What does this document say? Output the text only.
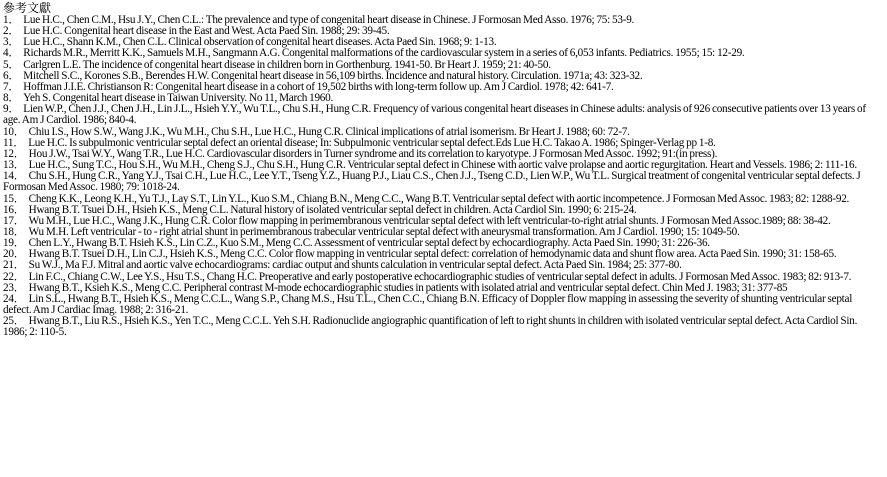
參考文獻
1． Lue H.C., Chen C.M., Hsu J.Y., Chen C.L.: The prevalence and type of congenital heart disease in Chinese. J Formosan Med Asso. 1976; 75: 53-9.
2． Lue H.C. Congenital heart disease in the East and West. Acta Paed Sin. 1988; 29: 39-45.
3． Lue H.C., Shann K.M., Chen C.L. Clinical observation of congenital heart diseases. Acta Paed Sin. 1968; 9: 1-13.
4． Richards M.R., Merritt K.K., Samuels M.H., Sangmann A.G. Congenital malformations of the cardiovascular system in a series of 6,053 infants. Pediatrics. 1955; 15: 12-29.
5． Carlgren L.E. The incidence of congenital heart disease in children born in Gorthenburg. 1941-50. Br Heart J. 1959; 21: 40-50.
6． Mitchell S.C., Korones S.B., Berendes H.W. Congenital heart disease in 56,109 births. Incidence and natural history. Circulation. 1971a; 43: 323-32.
7． Hoffman J.I.E. Christianson R: Congenital heart disease in a cohort of 19,502 births with long-term follow up. Am J Cardiol. 1978; 42: 641-7.
8． Yeh S. Congenital heart disease in Taiwan University. No 11, March 1960.
9． Lien W.P., Chen J.J., Chen J.H., Lin J.L., Hsieh Y.Y., Wu T.L., Chu S.H., Hung C.R. Frequency of various congenital heart diseases in Chinese adults: analysis of 926 consecutive patients over 13 years of age. Am J Cardiol. 1986; 840-4.
10． Chiu I.S., How S.W., Wang J.K., Wu M.H., Chu S.H., Lue H.C., Hung C.R. Clinical implications of atrial isomerism. Br Heart J. 1988; 60: 72-7.
11． Lue H.C. Is subpulmonic ventricular septal defect an oriental disease; In: Subpulmonic ventricular septal defect.Eds Lue H.C. Takao A. 1986; Spinger-Verlag pp 1-8.
12． Hou J.W., Tsai W.Y., Wang T.R., Lue H.C. Cardiovascular disorders in Turner syndrome and its correlation to karyotype. J Formosan Med Assoc. 1992; 91:(in press).
13． Lue H.C., Sung T.C., Hou S.H., Wu M.H., Cheng S.J., Chu S.H., Hung C.R. Ventricular septal defect in Chinese with aortic valve prolapse and aortic regurgitation. Heart and Vessels. 1986; 2: 111-16.
14． Chu S.H., Hung C.R., Yang Y.J., Tsai C.H., Lue H.C., Lee Y.T., Tseng Y.Z., Huang P.J., Liau C.S., Chen J.J., Tseng C.D., Lien W.P., Wu T.L. Surgical treatment of congenital ventricular septal defects. J Formosan Med Assoc. 1980; 79: 1018-24.
15． Cheng K.K., Leong K.H., Yu T.J., Lay S.T., Lin Y.L., Kuo S.M., Chiang B.N., Meng C.C., Wang B.T. Ventricular septal defect with aortic incompetence. J Formosan Med Assoc. 1983; 82: 1288-92.
16． Hwang B.T. Tsuei D.H., Hsieh K.S., Meng C.L. Natural history of isolated ventricular septal defect in children. Acta Cardiol Sin. 1990; 6: 215-24.
17． Wu M.H., Lue H.C., Wang J.K., Hung C.R. Color flow mapping in perimembranous ventricular septal defect with left ventricular-to-right atrial shunts. J Formosan Med Assoc.1989; 88: 38-42.
18． Wu M.H. Left ventricular - to - right atrial shunt in perimembranous trabecular ventricular septal defect with aneurysmal transformation. Am J Cardiol. 1990; 15: 1049-50.
19． Chen L.Y., Hwang B.T. Hsieh K.S., Lin C.Z., Kuo S.M., Meng C.C. Assessment of ventricular septal defect by echocardiography. Acta Paed Sin. 1990; 31: 226-36.
20． Hwang B.T. Tsuei D.H., Lin C.J., Hsieh K.S., Meng C.C. Color flow mapping in ventricular septal defect: correlation of hemodynamic data and shunt flow area. Acta Paed Sin. 1990; 31: 158-65.
21． Su W.J., Ma F.J. Mitral and aortic valve echocardiograms: cardiac output and shunts calculation in ventricular septal defect. Acta Paed Sin. 1984; 25: 377-80.
22． Lin F.C., Chiang C.W., Lee Y.S., Hsu T.S., Chang H.C. Preoperative and early postoperative echocardiographic studies of ventricular septal defect in adults. J Formosan Med Assoc. 1983; 82: 913-7.
23． Hwang B.T., Ksieh K.S., Meng C.C. Peripheral contrast M-mode echocardiographic studies in patients with isolated atrial and ventricular septal defect. Chin Med J. 1983; 31: 377-85
24． Lin S.L., Hwang B.T., Hsieh K.S., Meng C.C.L., Wang S.P., Chang M.S., Hsu T.L., Chen C.C., Chiang B.N. Efficacy of Doppler flow mapping in assessing the severity of shunting ventricular septal defect. Am J Cardiac Imag. 1988; 2: 316-21.
25． Hwang B.T., Liu R.S., Hsieh K.S., Yen T.C., Meng C.C.L. Yeh S.H. Radionuclide angiographic quantification of left to right shunts in children with isolated ventricular septal defect. Acta Cardiol Sin. 1986; 2: 110-5.
